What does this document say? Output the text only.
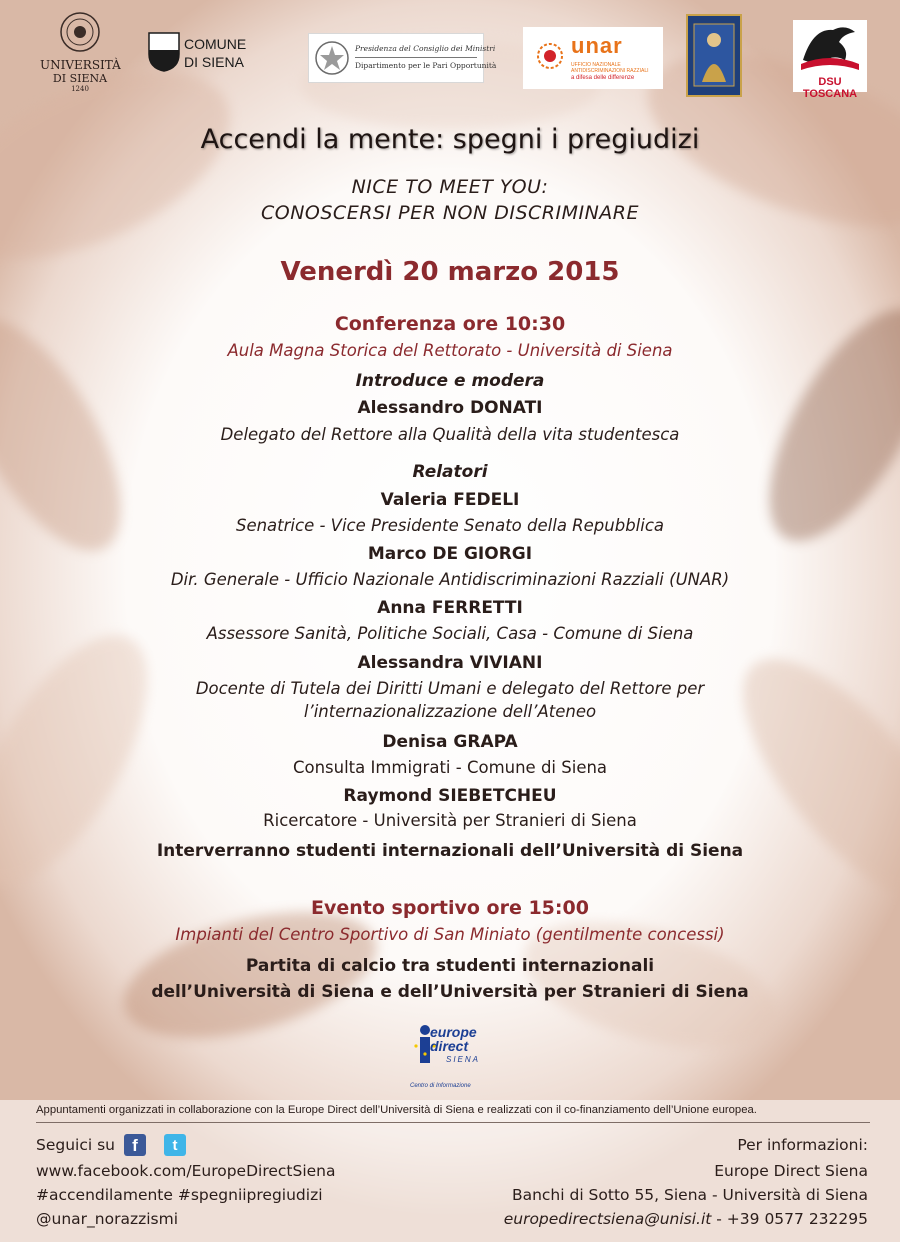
UNIVERSITÀ
DI SIENA
1240
COMUNE
DI SIENA
Presidenza del Consiglio dei Ministri
Dipartimento per le Pari Opportunità
unar
UFFICIO NAZIONALE ANTIDISCRIMINAZIONI RAZZIALI
a difesa delle differenze	DSU TOSCANA
Accendi la mente: spegni i pregiudizi
NICE TO MEET YOU:
CONOSCERSI PER NON DISCRIMINARE
Venerdì 20 marzo 2015
Conferenza ore 10:30
Aula Magna Storica del Rettorato - Università di Siena
Introduce e modera
Alessandro DONATI
Delegato del Rettore alla Qualità della vita studentesca
Relatori
Valeria FEDELI
Senatrice - Vice Presidente Senato della Repubblica
Marco DE GIORGI
Dir. Generale - Ufficio Nazionale Antidiscriminazioni Razziali (UNAR)
Anna FERRETTI
Assessore Sanità, Politiche Sociali, Casa - Comune di Siena
Alessandra VIVIANI
Docente di Tutela dei Diritti Umani e delegato del Rettore per
l’internazionalizzazione dell’Ateneo
Denisa GRAPA
Consulta Immigrati - Comune di Siena
Raymond SIEBETCHEU
Ricercatore - Università per Stranieri di Siena
Interverranno studenti internazionali dell’Università di Siena
Evento sportivo ore 15:00
Impianti del Centro Sportivo di San Miniato (gentilmente concessi)
Partita di calcio tra studenti internazionali
dell’Università di Siena e dell’Università per Stranieri di Siena
europe
direct
SIENA
Centro di Informazione
Appuntamenti organizzati in collaborazione con la Europe Direct dell’Università di Siena e realizzati con il co-finanziamento dell’Unione europea.
Seguici su	f	t
www.facebook.com/EuropeDirectSiena
#accendilamente #spegniipregiudizi
@unar_norazzismi
Per informazioni:
Europe Direct Siena
Banchi di Sotto 55, Siena - Università di Siena
europedirectsiena@unisi.it - +39 0577 232295
